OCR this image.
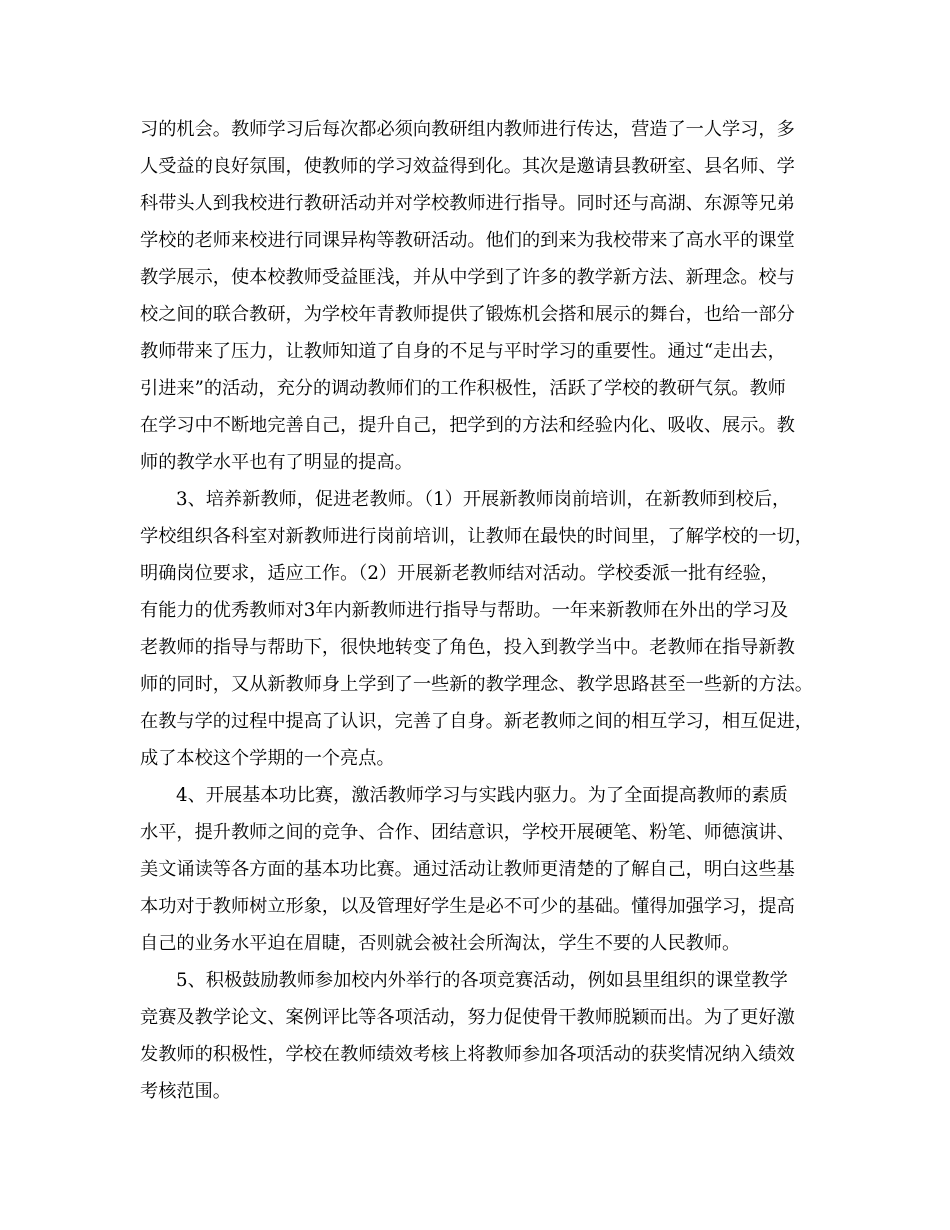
习的机会。教师学习后每次都必须向教研组内教师进行传达，营造了一人学习，多

人受益的良好氛围，使教师的学习效益得到化。其次是邀请县教研室、县名师、学

科带头人到我校进行教研活动并对学校教师进行指导。同时还与高湖、东源等兄弟

学校的老师来校进行同课异构等教研活动。他们的到来为我校带来了高水平的课堂

教学展示，使本校教师受益匪浅，并从中学到了许多的教学新方法、新理念。校与

校之间的联合教研，为学校年青教师提供了锻炼机会搭和展示的舞台，也给一部分

教师带来了压力，让教师知道了自身的不足与平时学习的重要性。通过“走出去，

引进来”的活动，充分的调动教师们的工作积极性，活跃了学校的教研气氛。教师

在学习中不断地完善自己，提升自己，把学到的方法和经验内化、吸收、展示。教

师的教学水平也有了明显的提高。

3、培养新教师，促进老教师。（1）开展新教师岗前培训，在新教师到校后，

学校组织各科室对新教师进行岗前培训，让教师在最快的时间里，了解学校的一切，

明确岗位要求，适应工作。（2）开展新老教师结对活动。学校委派一批有经验，

有能力的优秀教师对3年内新教师进行指导与帮助。一年来新教师在外出的学习及

老教师的指导与帮助下，很快地转变了角色，投入到教学当中。老教师在指导新教

师的同时，又从新教师身上学到了一些新的教学理念、教学思路甚至一些新的方法。

在教与学的过程中提高了认识，完善了自身。新老教师之间的相互学习，相互促进，

成了本校这个学期的一个亮点。

4、开展基本功比赛，激活教师学习与实践内驱力。为了全面提高教师的素质

水平，提升教师之间的竞争、合作、团结意识，学校开展硬笔、粉笔、师德演讲、

美文诵读等各方面的基本功比赛。通过活动让教师更清楚的了解自己，明白这些基

本功对于教师树立形象，以及管理好学生是必不可少的基础。懂得加强学习，提高

自己的业务水平迫在眉睫，否则就会被社会所淘汰，学生不要的人民教师。

5、积极鼓励教师参加校内外举行的各项竞赛活动，例如县里组织的课堂教学

竞赛及教学论文、案例评比等各项活动，努力促使骨干教师脱颖而出。为了更好激

发教师的积极性，学校在教师绩效考核上将教师参加各项活动的获奖情况纳入绩效

考核范围。
